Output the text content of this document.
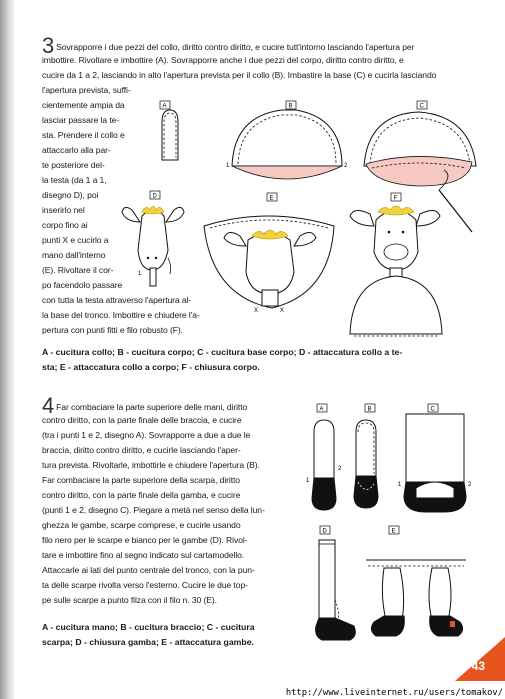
3 Sovrapporre i due pezzi del collo, diritto contro diritto, e cucire tutt'intorno lasciando l'apertura per
imbottire. Rivoltare e imbottire (A). Sovrapporre anche i due pezzi del corpo, diritto contro diritto, e
cucire da 1 a 2, lasciando in alto l'apertura prevista per il collo (B). Imbastire la base (C) e cucirla lasciando
l'apertura prevista, suffi-
cientemente ampia da
lasciar passare la te-
sta. Prendere il collo e
attaccarlo alla par-
te posteriore del-
la testa (da 1 a 1,
disegno D), poi
inserirlo nel
corpo fino ai
punti X e cucirlo a
mano dall'interno
(E). Rivoltare il cor-
po facendolo passare
con tutta la testa attraverso l'apertura al-
la base del tronco. Imbottire e chiudere l'a-
pertura con punti fitti e filo robusto (F).
A - cucitura collo; B - cucitura corpo; C - cucitura base corpo; D - attaccatura collo a te-
sta; E - attaccatura collo a corpo; F - chiusura corpo.
4 Far combaciare la parte superiore delle mani, diritto
contro diritto, con la parte finale delle braccia, e cucire
(tra i punti 1 e 2, disegno A). Sovrapporre a due a due le
braccia, diritto contro diritto, e cucirle lasciando l'aper-
tura prevista. Rivoltarle, imbottirle e chiudere l'apertura (B).
Far combaciare la parte superiore della scarpa, diritto
contro diritto, con la parte finale della gamba, e cucire
(punti 1 e 2, disegno C). Piegare a metà nel senso della lun-
ghezza le gambe, scarpe comprese, e cucirle usando
filo nero per le scarpe e bianco per le gambe (D). Rivol-
tare e imbottire fino al segno indicato sul cartamodello.
Attaccarle ai lati del punto centrale del tronco, con la pun-
ta delle scarpe rivolta verso l'esterno. Cucire le due top-
pe sulle scarpe a punto filza con il filo n. 30 (E).
A - cucitura mano; B - cucitura braccio; C - cucitura
scarpa; D - chiusura gamba; E - attaccatura gambe.
A	B
1	2
C
D
1
E
X	X
F
A
1
2
B	C
1	2
D	E
43
http://www.liveinternet.ru/users/tomakov/
